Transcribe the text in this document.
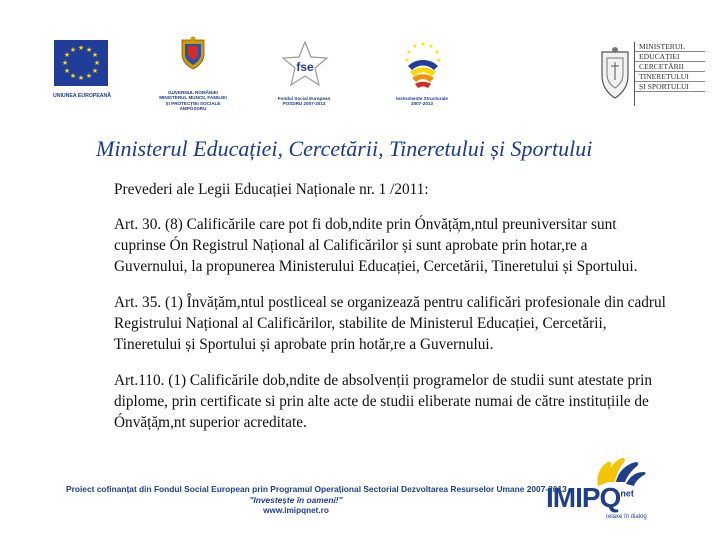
★ ★
★
★
★
★
★
★
★
★
★
★
UNIUNEA EUROPEANĂ
GUVERNUL ROMÂNIEI
MINISTERUL MUNCII, FAMILIEI
ȘI PROTECȚIEI SOCIALE
AMPOSDRU
fse
Fondul Social European
POSDRU 2007-2013
★ ★
★
★
★
★	★
Instrumente Structurale
2007-2013
MINISTERUL
EDUCAȚIEI
CERCETĂRII
TINERETULUI
ȘI SPORTULUI
Ministerul Educației, Cercetării, Tineretului și Sportului

Prevederi ale Legii Educației Naționale nr. 1 /2011:

Art. 30. (8) Calificările care pot fi dob,ndite prin Ónvăță̦m,ntul preuniversitar sunt
cuprinse Ón Registrul Național al Calificărilor și sunt aprobate prin hotar,re a
Guvernului, la propunerea Ministerului Educației, Cercetării, Tineretului și Sportului.

Art. 35. (1) Învățăm,ntul postliceal se organizează pentru calificări profesionale din cadrul
Registrului Național al Calificărilor, stabilite de Ministerul Educației, Cercetării,
Tineretului și Sportului și aprobate prin hotăr,re a Guvernului.

Art.110. (1) Calificările dob,ndite de absolvenții programelor de studii sunt atestate prin
diplome, prin certificate si prin alte acte de studii eliberate numai de către instituțiile de
Ónvăță̦m,nt superior acreditate.

Proiect cofinanțat din Fondul Social European prin Programul Operațional Sectorial Dezvoltarea Resurselor Umane 2007-2013
"Investește în oameni!"
www.imipqnet.ro	$IMIPQ^{net}$
relaxe în dialog
